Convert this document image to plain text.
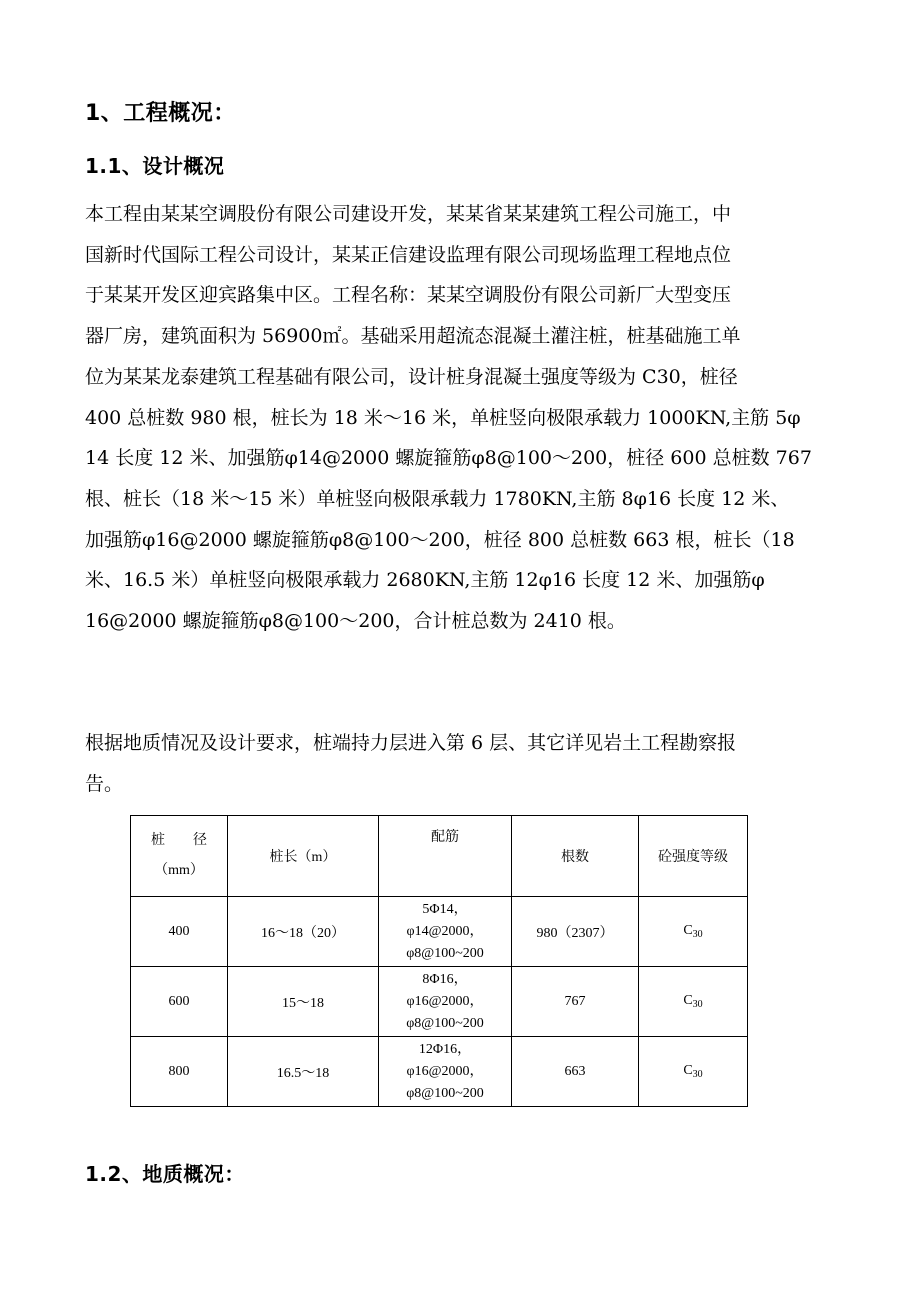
1、工程概况：
1.1、设计概况
本工程由某某空调股份有限公司建设开发，某某省某某建筑工程公司施工，中
国新时代国际工程公司设计，某某正信建设监理有限公司现场监理工程地点位
于某某开发区迎宾路集中区。工程名称：某某空调股份有限公司新厂大型变压
器厂房，建筑面积为 56900㎡。基础采用超流态混凝土灌注桩，桩基础施工单
位为某某龙泰建筑工程基础有限公司，设计桩身混凝土强度等级为 C30，桩径
400 总桩数 980 根，桩长为 18 米～16 米，单桩竖向极限承载力 1000KN,主筋 5φ
14 长度 12 米、加强筋φ14@2000 螺旋箍筋φ8@100～200，桩径 600 总桩数 767
根、桩长（18 米～15 米）单桩竖向极限承载力 1780KN,主筋 8φ16 长度 12 米、
加强筋φ16@2000 螺旋箍筋φ8@100～200，桩径 800 总桩数 663 根，桩长（18
米、16.5 米）单桩竖向极限承载力 2680KN,主筋 12φ16 长度 12 米、加强筋φ
16@2000 螺旋箍筋φ8@100～200，合计桩总数为 2410 根。
根据地质情况及设计要求，桩端持力层进入第 6 层、其它详见岩土工程勘察报
告。
桩　　径
（mm）	桩长（m）	配筋	根数	砼强度等级
400	16～18（20）	5Φ14，
φ14@2000，
φ8@100~200	980（2307）	$C_{30}$
600	15～18	8Φ16，
φ16@2000，
φ8@100~200	767	$C_{30}$
800	16.5～18	12Φ16，
φ16@2000，
φ8@100~200	663	$C_{30}$
1.2、地质概况：
